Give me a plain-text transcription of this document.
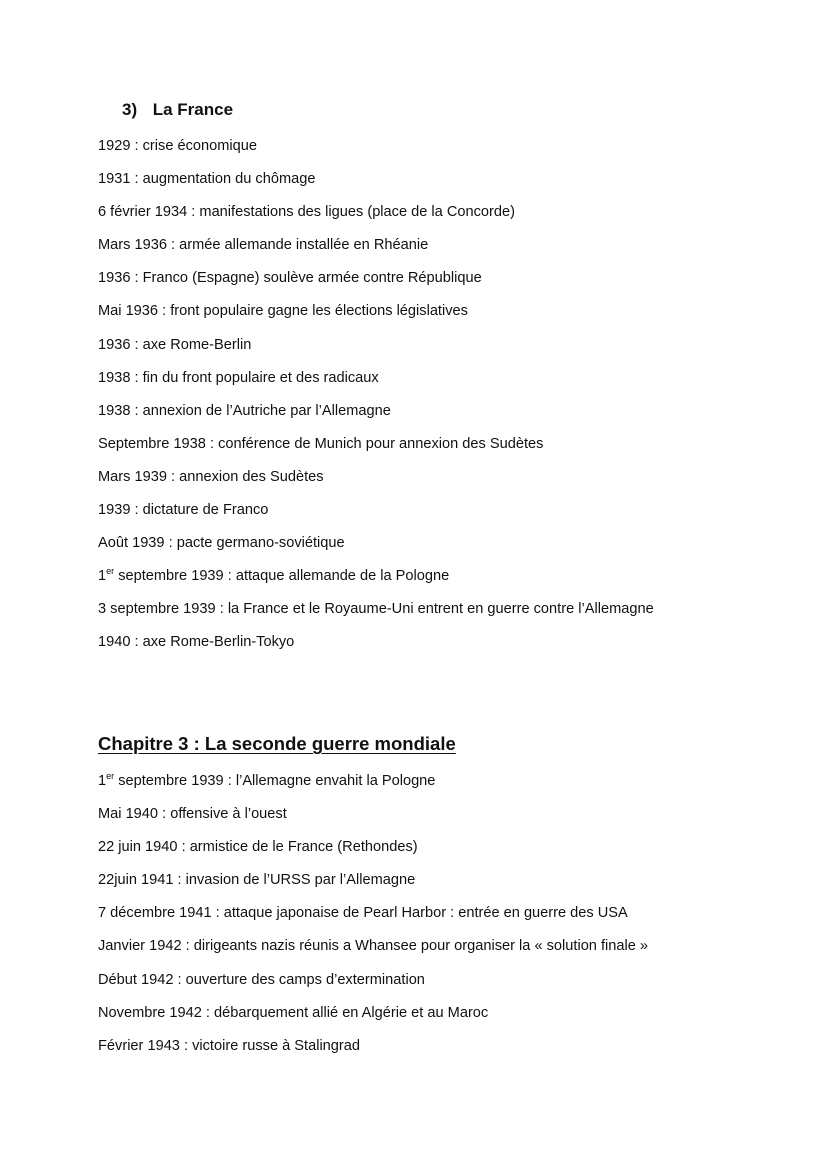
3) La France
1929 : crise économique
1931 : augmentation du chômage
6 février 1934 : manifestations des ligues (place de la Concorde)
Mars 1936 : armée allemande installée en Rhéanie
1936 : Franco (Espagne) soulève armée contre République
Mai 1936 : front populaire gagne les élections législatives
1936 : axe Rome-Berlin
1938 : fin du front populaire et des radicaux
1938 : annexion de l’Autriche par l’Allemagne
Septembre 1938 : conférence de Munich pour annexion des Sudètes
Mars 1939 : annexion des Sudètes
1939 : dictature de Franco
Août 1939 : pacte germano-soviétique
1er septembre 1939 : attaque allemande de la Pologne
3 septembre 1939 : la France et le Royaume-Uni entrent en guerre contre l’Allemagne
1940 : axe Rome-Berlin-Tokyo
Chapitre 3 : La seconde guerre mondiale
1er septembre 1939 : l’Allemagne envahit la Pologne
Mai 1940 : offensive à l’ouest
22 juin 1940 : armistice de le France (Rethondes)
22juin 1941 : invasion de l’URSS par l’Allemagne
7 décembre 1941 : attaque japonaise de Pearl Harbor : entrée en guerre des USA
Janvier 1942 : dirigeants nazis réunis a Whansee pour organiser la « solution finale »
Début 1942 : ouverture des camps d’extermination
Novembre 1942 : débarquement allié en Algérie et au Maroc
Février 1943 : victoire russe à Stalingrad
